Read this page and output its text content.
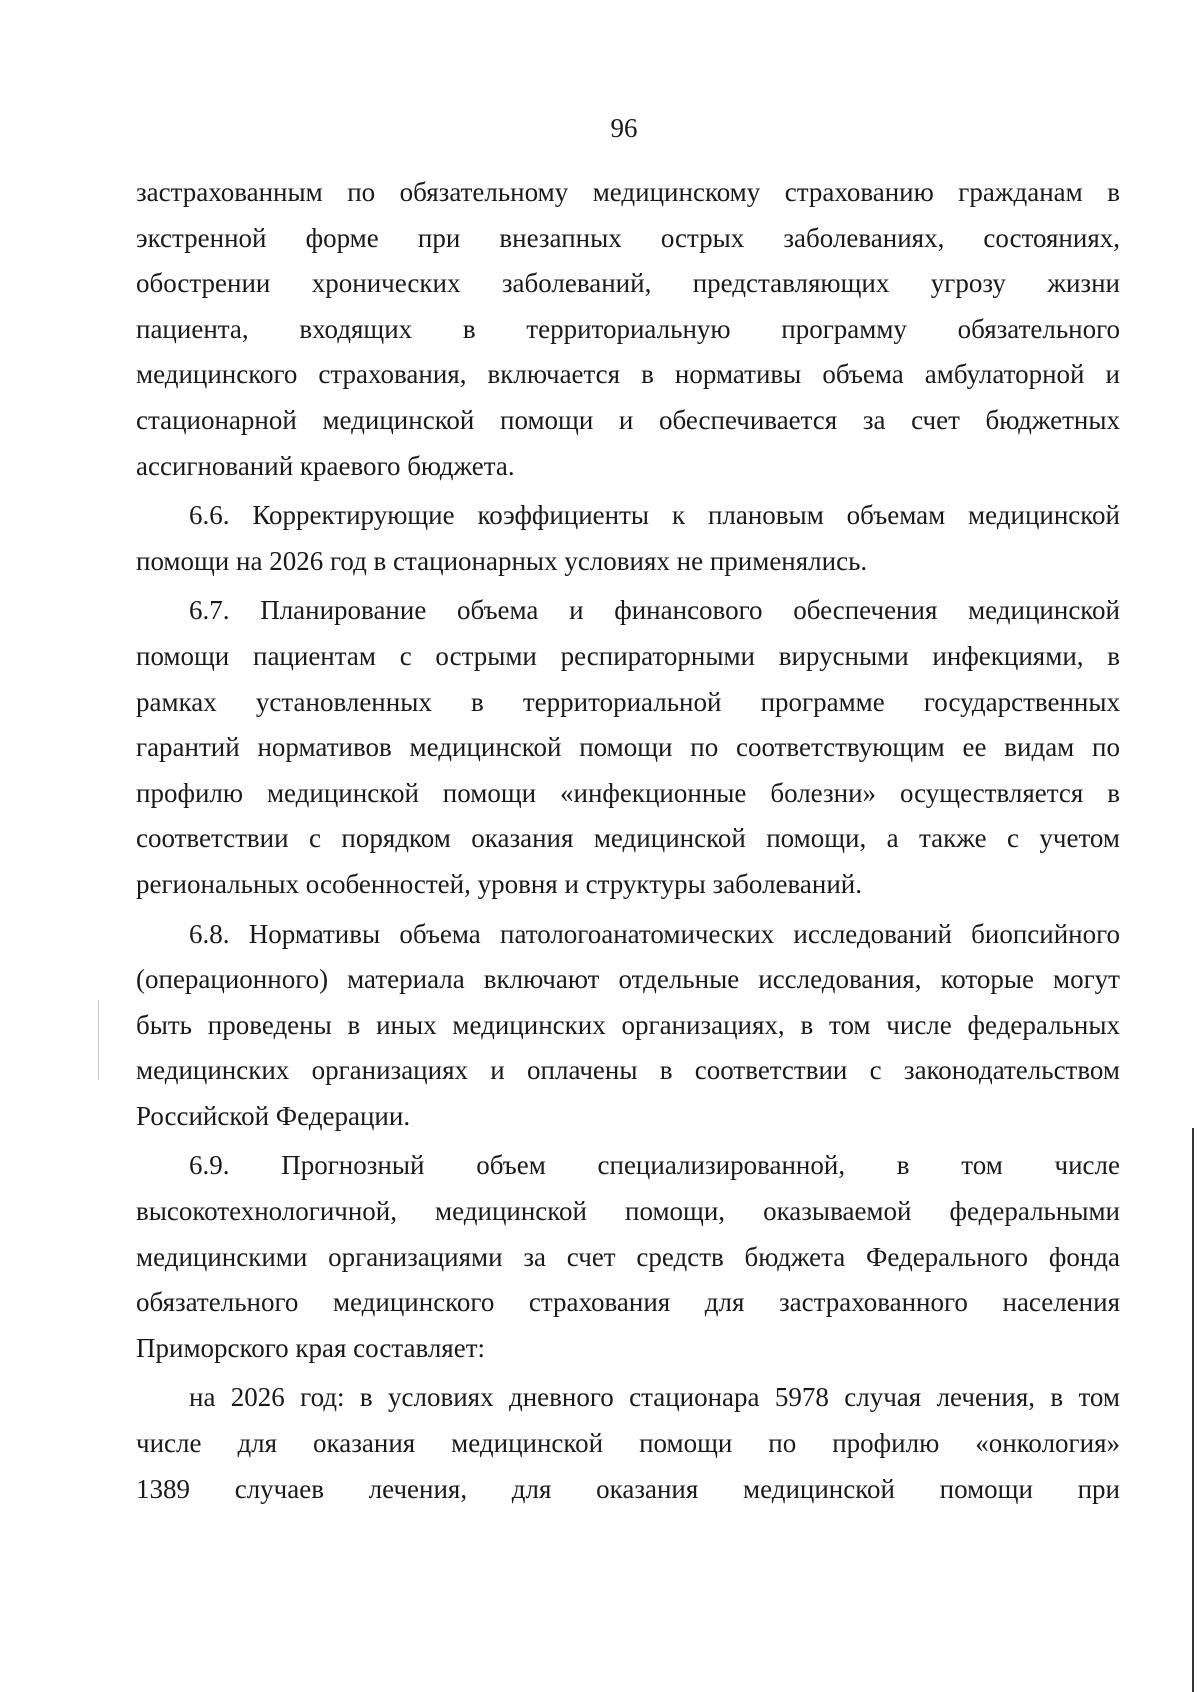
96
застрахованным по обязательному медицинскому страхованию гражданам в
экстренной форме при внезапных острых заболеваниях, состояниях,
обострении хронических заболеваний, представляющих угрозу жизни
пациента, входящих в территориальную программу обязательного
медицинского страхования, включается в нормативы объема амбулаторной и
стационарной медицинской помощи и обеспечивается за счет бюджетных
ассигнований краевого бюджета.
6.6. Корректирующие коэффициенты к плановым объемам медицинской
помощи на 2026 год в стационарных условиях не применялись.
6.7. Планирование объема и финансового обеспечения медицинской
помощи пациентам с острыми респираторными вирусными инфекциями, в
рамках установленных в территориальной программе государственных
гарантий нормативов медицинской помощи по соответствующим ее видам по
профилю медицинской помощи «инфекционные болезни» осуществляется в
соответствии с порядком оказания медицинской помощи, а также с учетом
региональных особенностей, уровня и структуры заболеваний.
6.8. Нормативы объема патологоанатомических исследований биопсийного
(операционного) материала включают отдельные исследования, которые могут
быть проведены в иных медицинских организациях, в том числе федеральных
медицинских организациях и оплачены в соответствии с законодательством
Российской Федерации.
6.9. Прогнозный объем специализированной, в том числе
высокотехнологичной, медицинской помощи, оказываемой федеральными
медицинскими организациями за счет средств бюджета Федерального фонда
обязательного медицинского страхования для застрахованного населения
Приморского края составляет:
на 2026 год: в условиях дневного стационара 5978 случая лечения, в том
числе для оказания медицинской помощи по профилю «онкология»
1389 случаев лечения, для оказания медицинской помощи при
